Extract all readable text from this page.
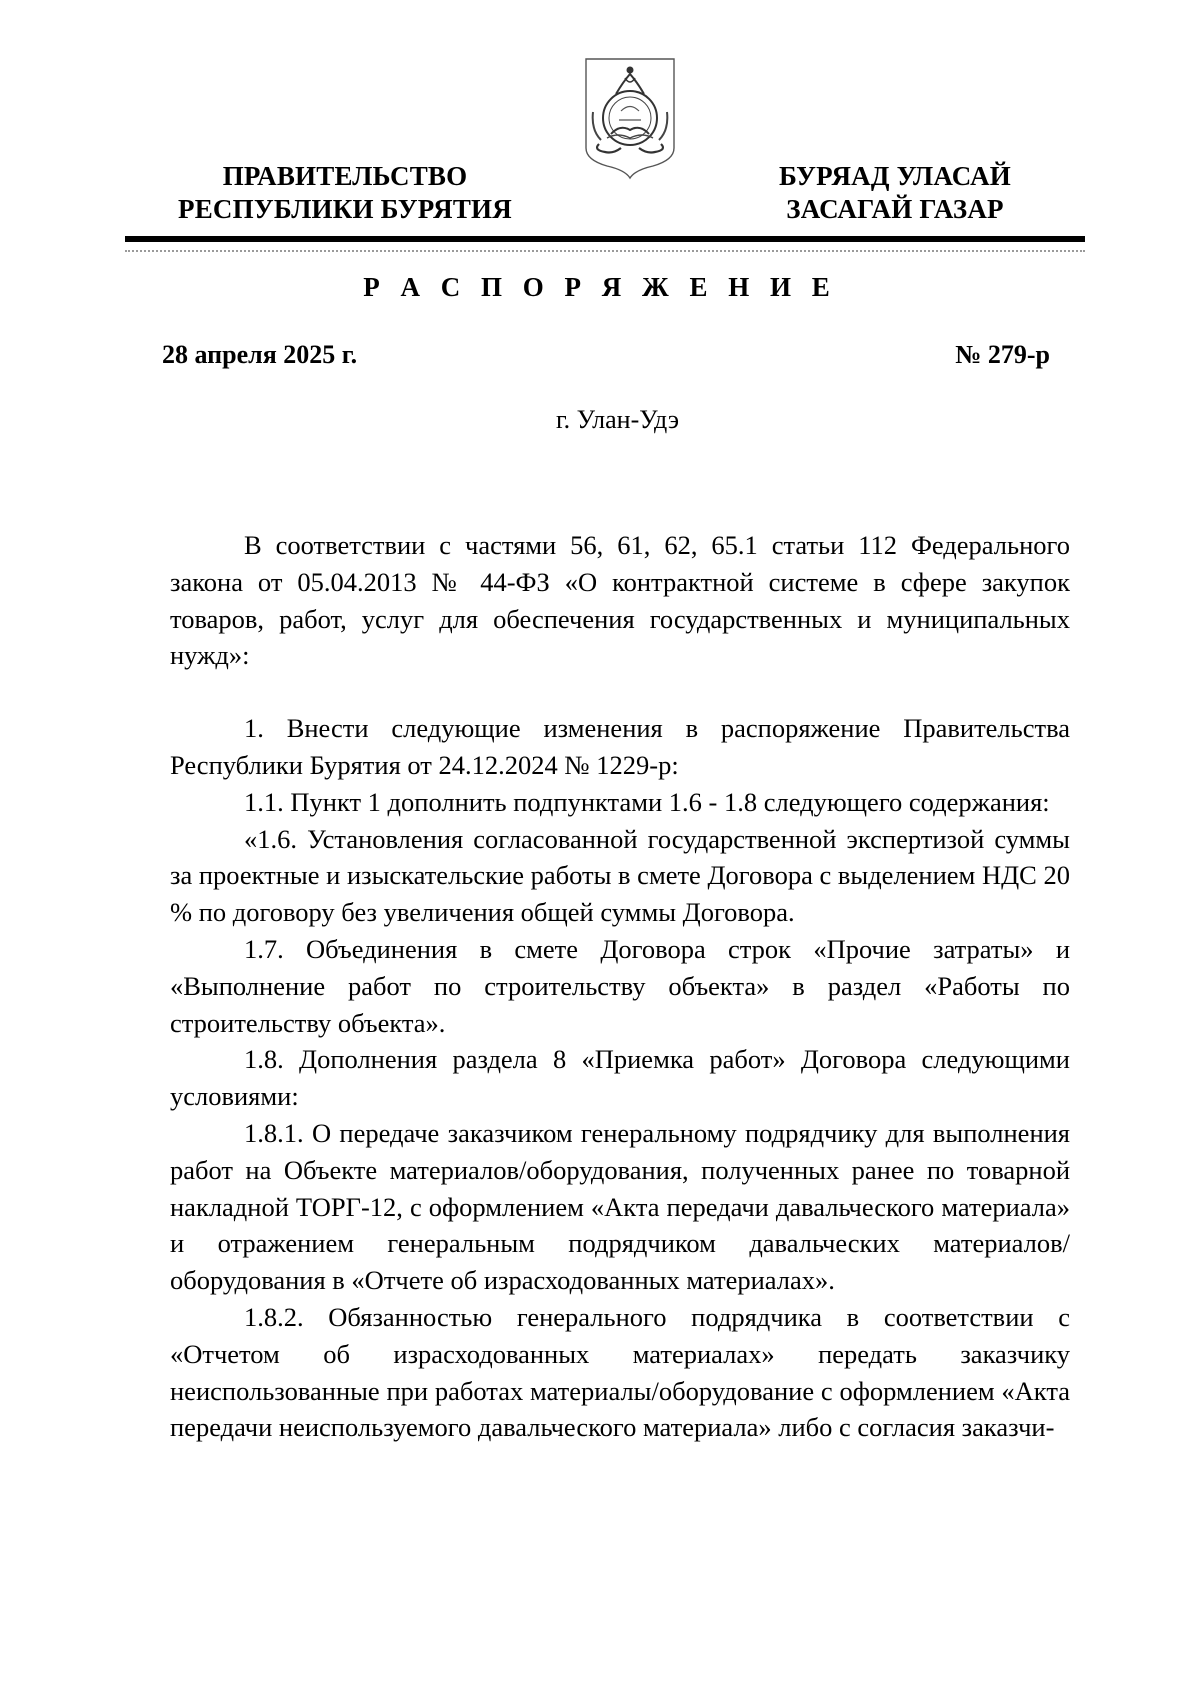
ПРАВИТЕЛЬСТВО
РЕСПУБЛИКИ БУРЯТИЯ
БУРЯАД УЛАСАЙ
ЗАСАГАЙ ГАЗАР
Р А С П О Р Я Ж Е Н И Е
28 апреля 2025 г.	№ 279-р
г. Улан-Удэ

В соответствии с частями 56, 61, 62, 65.1 статьи 112 Федерального закона от 05.04.2013 № 44-ФЗ «О контрактной системе в сфере закупок товаров, работ, услуг для обеспечения государственных и муниципальных нужд»:

1. Внести следующие изменения в распоряжение Правительства Республики Бурятия от 24.12.2024 № 1229-р:

1.1. Пункт 1 дополнить подпунктами 1.6 - 1.8 следующего содержания:

«1.6. Установления согласованной государственной экспертизой суммы за проектные и изыскательские работы в смете Договора с выделением НДС 20 % по договору без увеличения общей суммы Договора.

1.7. Объединения в смете Договора строк «Прочие затраты» и «Выполнение работ по строительству объекта» в раздел «Работы по строительству объекта».

1.8. Дополнения раздела 8 «Приемка работ» Договора следующими условиями:

1.8.1. О передаче заказчиком генеральному подрядчику для выполнения работ на Объекте материалов/оборудования, полученных ранее по товарной накладной ТОРГ-12, с оформлением «Акта передачи давальческого материала» и отражением генеральным подрядчиком давальческих материалов/оборудования в «Отчете об израсходованных материалах».

1.8.2. Обязанностью генерального подрядчика в соответствии с «Отчетом об израсходованных материалах» передать заказчику неиспользованные при работах материалы/оборудование с оформлением «Акта передачи неиспользуемого давальческого материала» либо с согласия заказчи-
